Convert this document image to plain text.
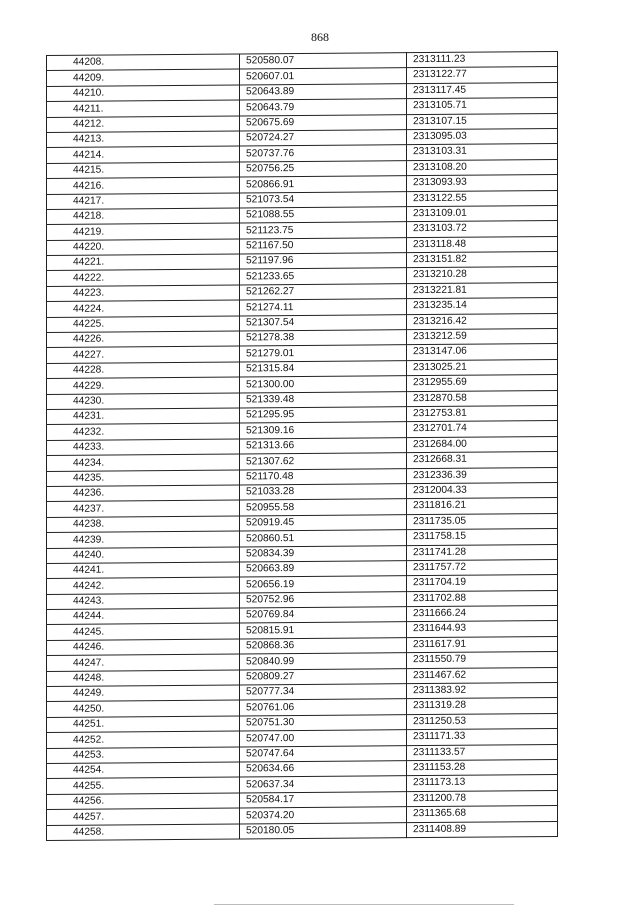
868
44208.	520580.07	2313111.23
44209.	520607.01	2313122.77
44210.	520643.89	2313117.45
44211.	520643.79	2313105.71
44212.	520675.69	2313107.15
44213.	520724.27	2313095.03
44214.	520737.76	2313103.31
44215.	520756.25	2313108.20
44216.	520866.91	2313093.93
44217.	521073.54	2313122.55
44218.	521088.55	2313109.01
44219.	521123.75	2313103.72
44220.	521167.50	2313118.48
44221.	521197.96	2313151.82
44222.	521233.65	2313210.28
44223.	521262.27	2313221.81
44224.	521274.11	2313235.14
44225.	521307.54	2313216.42
44226.	521278.38	2313212.59
44227.	521279.01	2313147.06
44228.	521315.84	2313025.21
44229.	521300.00	2312955.69
44230.	521339.48	2312870.58
44231.	521295.95	2312753.81
44232.	521309.16	2312701.74
44233.	521313.66	2312684.00
44234.	521307.62	2312668.31
44235.	521170.48	2312336.39
44236.	521033.28	2312004.33
44237.	520955.58	2311816.21
44238.	520919.45	2311735.05
44239.	520860.51	2311758.15
44240.	520834.39	2311741.28
44241.	520663.89	2311757.72
44242.	520656.19	2311704.19
44243.	520752.96	2311702.88
44244.	520769.84	2311666.24
44245.	520815.91	2311644.93
44246.	520868.36	2311617.91
44247.	520840.99	2311550.79
44248.	520809.27	2311467.62
44249.	520777.34	2311383.92
44250.	520761.06	2311319.28
44251.	520751.30	2311250.53
44252.	520747.00	2311171.33
44253.	520747.64	2311133.57
44254.	520634.66	2311153.28
44255.	520637.34	2311173.13
44256.	520584.17	2311200.78
44257.	520374.20	2311365.68
44258.	520180.05	2311408.89
